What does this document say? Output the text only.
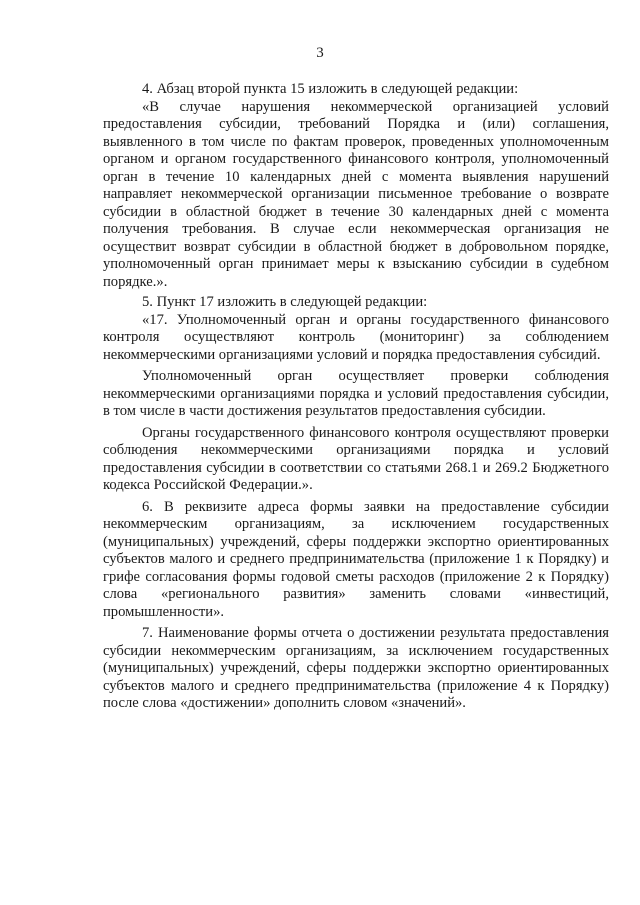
3

4. Абзац второй пункта 15 изложить в следующей редакции:

«В случае нарушения некоммерческой организацией условий предоставления субсидии, требований Порядка и (или) соглашения, выявленного в том числе по фактам проверок, проведенных уполномоченным органом и органом государственного финансового контроля, уполномоченный орган в течение 10 календарных дней с момента выявления нарушений направляет некоммерческой организации письменное требование о возврате субсидии в областной бюджет в течение 30 календарных дней с момента получения требования. В случае если некоммерческая организация не осуществит возврат субсидии в областной бюджет в добровольном порядке, уполномоченный орган принимает меры к взысканию субсидии в судебном порядке.».

5. Пункт 17 изложить в следующей редакции:

«17. Уполномоченный орган и органы государственного финансового контроля осуществляют контроль (мониторинг) за соблюдением некоммерческими организациями условий и порядка предоставления субсидий.

Уполномоченный орган осуществляет проверки соблюдения некоммерческими организациями порядка и условий предоставления субсидии, в том числе в части достижения результатов предоставления субсидии.

Органы государственного финансового контроля осуществляют проверки соблюдения некоммерческими организациями порядка и условий предоставления субсидии в соответствии со статьями 268.1 и 269.2 Бюджетного кодекса Российской Федерации.».

6. В реквизите адреса формы заявки на предоставление субсидии некоммерческим организациям, за исключением государственных (муниципальных) учреждений, сферы поддержки экспортно ориентированных субъектов малого и среднего предпринимательства (приложение 1 к Порядку) и грифе согласования формы годовой сметы расходов (приложение 2 к Порядку) слова «регионального развития» заменить словами «инвестиций, промышленности».

7. Наименование формы отчета о достижении результата предоставления субсидии некоммерческим организациям, за исключением государственных (муниципальных) учреждений, сферы поддержки экспортно ориентированных субъектов малого и среднего предпринимательства (приложение 4 к Порядку) после слова «достижении» дополнить словом «значений».
